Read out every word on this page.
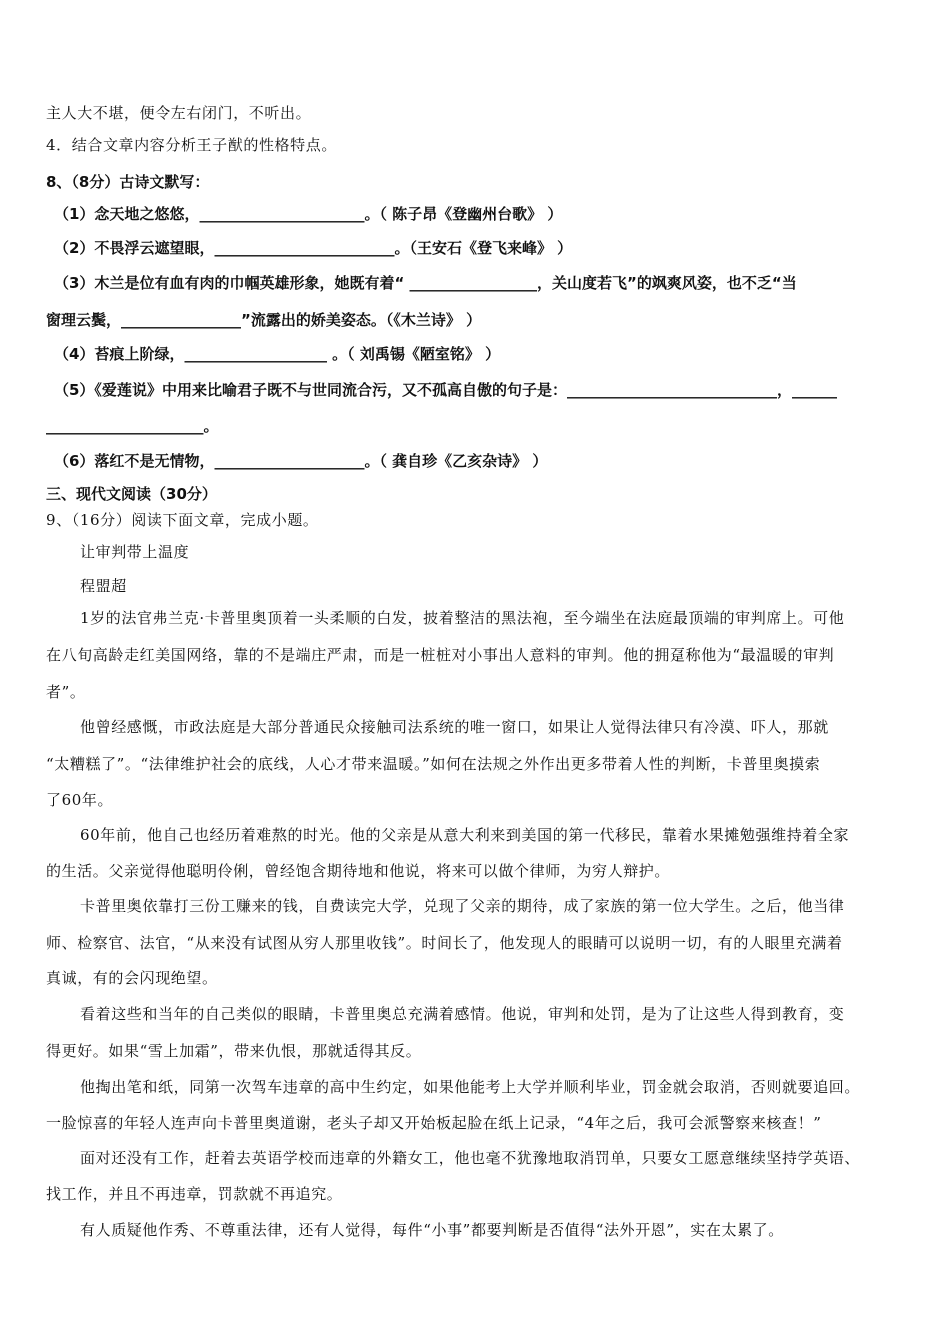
主人大不堪，便令左右闭门，不听出。
4．结合文章内容分析王子猷的性格特点。
8、（8分）古诗文默写：
（1）念天地之悠悠，______________________。（ 陈子昂《登幽州台歌》 ）
（2）不畏浮云遮望眼，________________________。（王安石《登飞来峰》 ）
（3）木兰是位有血有肉的巾帼英雄形象，她既有着“ _________________，关山度若飞”的飒爽风姿，也不乏“当
窗理云鬓，________________”流露出的娇美姿态。（《木兰诗》 ）
（4）苔痕上阶绿，___________________ 。（ 刘禹锡《陋室铭》 ）
（5）《爱莲说》中用来比喻君子既不与世同流合污，又不孤高自傲的句子是：____________________________，______
_____________________。
（6）落红不是无情物，____________________。（ 龚自珍《乙亥杂诗》 ）
三、现代文阅读（30分）
9、（16分）阅读下面文章，完成小题。
让审判带上温度
程盟超
1岁的法官弗兰克·卡普里奥顶着一头柔顺的白发，披着整洁的黑法袍，至今端坐在法庭最顶端的审判席上。可他
在八旬高龄走红美国网络，靠的不是端庄严肃，而是一桩桩对小事出人意料的审判。他的拥趸称他为“最温暖的审判
者”。
他曾经感慨，市政法庭是大部分普通民众接触司法系统的唯一窗口，如果让人觉得法律只有冷漠、吓人，那就
“太糟糕了”。“法律维护社会的底线，人心才带来温暖。”如何在法规之外作出更多带着人性的判断，卡普里奥摸索
了60年。
60年前，他自己也经历着难熬的时光。他的父亲是从意大利来到美国的第一代移民，靠着水果摊勉强维持着全家
的生活。父亲觉得他聪明伶俐，曾经饱含期待地和他说，将来可以做个律师，为穷人辩护。
卡普里奥依靠打三份工赚来的钱，自费读完大学，兑现了父亲的期待，成了家族的第一位大学生。之后，他当律
师、检察官、法官，“从来没有试图从穷人那里收钱”。时间长了，他发现人的眼睛可以说明一切，有的人眼里充满着
真诚，有的会闪现绝望。
看着这些和当年的自己类似的眼睛，卡普里奥总充满着感情。他说，审判和处罚，是为了让这些人得到教育，变
得更好。如果“雪上加霜”，带来仇恨，那就适得其反。
他掏出笔和纸，同第一次驾车违章的高中生约定，如果他能考上大学并顺利毕业，罚金就会取消，否则就要追回。
一脸惊喜的年轻人连声向卡普里奥道谢，老头子却又开始板起脸在纸上记录，“4年之后，我可会派警察来核查！”
面对还没有工作，赶着去英语学校而违章的外籍女工，他也毫不犹豫地取消罚单，只要女工愿意继续坚持学英语、
找工作，并且不再违章，罚款就不再追究。
有人质疑他作秀、不尊重法律，还有人觉得，每件“小事”都要判断是否值得“法外开恩”，实在太累了。
